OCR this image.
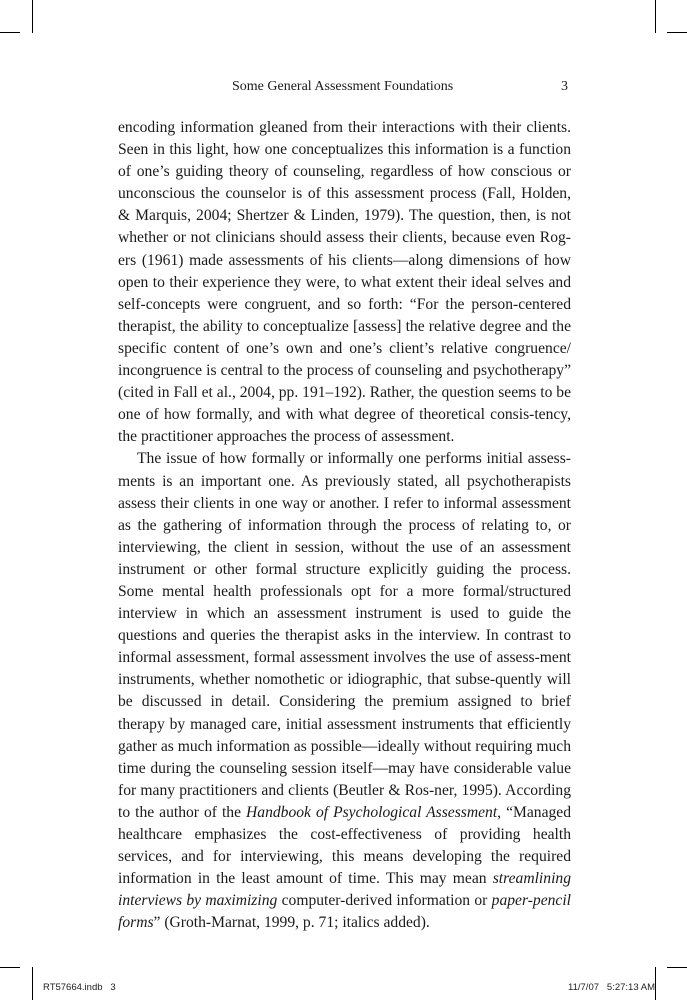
Some General Assessment Foundations	3

encoding information gleaned from their interactions with their clients. Seen in this light, how one conceptualizes this information is a function of one’s guiding theory of counseling, regardless of how conscious or unconscious the counselor is of this assessment process (Fall, Holden, & Marquis, 2004; Shertzer & Linden, 1979). The question, then, is not whether or not clinicians should assess their clients, because even Rog-ers (1961) made assessments of his clients—along dimensions of how open to their experience they were, to what extent their ideal selves and self-concepts were congruent, and so forth: “For the person-centered therapist, the ability to conceptualize [assess] the relative degree and the specific content of one’s own and one’s client’s relative congruence/ incongruence is central to the process of counseling and psychotherapy” (cited in Fall et al., 2004, pp. 191–192). Rather, the question seems to be one of how formally, and with what degree of theoretical consis-tency, the practitioner approaches the process of assessment.

The issue of how formally or informally one performs initial assess-ments is an important one. As previously stated, all psychotherapists assess their clients in one way or another. I refer to informal assessment as the gathering of information through the process of relating to, or interviewing, the client in session, without the use of an assessment instrument or other formal structure explicitly guiding the process. Some mental health professionals opt for a more formal/structured interview in which an assessment instrument is used to guide the questions and queries the therapist asks in the interview. In contrast to informal assessment, formal assessment involves the use of assess-ment instruments, whether nomothetic or idiographic, that subse-quently will be discussed in detail. Considering the premium assigned to brief therapy by managed care, initial assessment instruments that efficiently gather as much information as possible—ideally without requiring much time during the counseling session itself—may have considerable value for many practitioners and clients (Beutler & Ros-ner, 1995). According to the author of the Handbook of Psychological Assessment, “Managed healthcare emphasizes the cost-effectiveness of providing health services, and for interviewing, this means developing the required information in the least amount of time. This may mean streamlining interviews by maximizing computer-derived information or paper-pencil forms” (Groth-Marnat, 1999, p. 71; italics added).

RT57664.indb   3	11/7/07   5:27:13 AM
